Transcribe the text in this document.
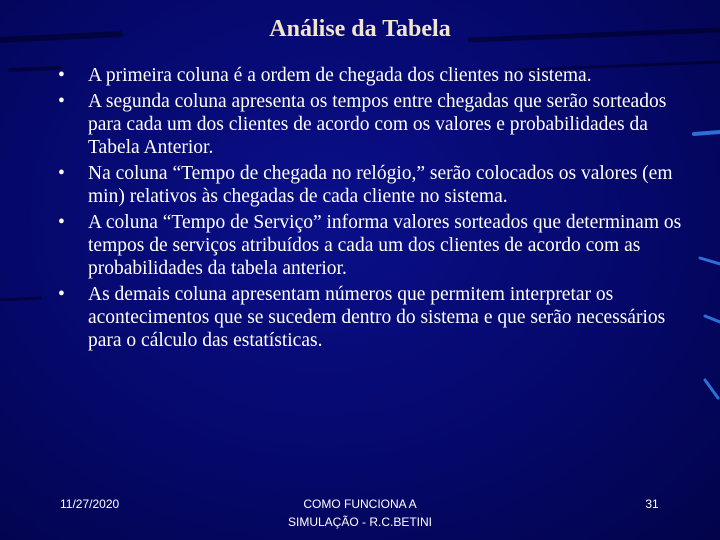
Análise da Tabela
• A primeira coluna é a ordem de chegada dos clientes no sistema.
• A segunda coluna apresenta os tempos entre chegadas que serão sorteados para cada um dos clientes de acordo com os valores e probabilidades da Tabela Anterior.
• Na coluna “Tempo de chegada no relógio,” serão colocados os valores (em min) relativos às chegadas de cada cliente no sistema.
• A coluna “Tempo de Serviço” informa valores sorteados que determinam os tempos de serviços atribuídos a cada um dos clientes de acordo com as probabilidades da tabela anterior.
• As demais coluna apresentam números que permitem interpretar os acontecimentos que se sucedem dentro do sistema e que serão necessários para o cálculo das estatísticas.
11/27/2020	COMO FUNCIONA A
SIMULAÇÃO - R.C.BETINI
31
